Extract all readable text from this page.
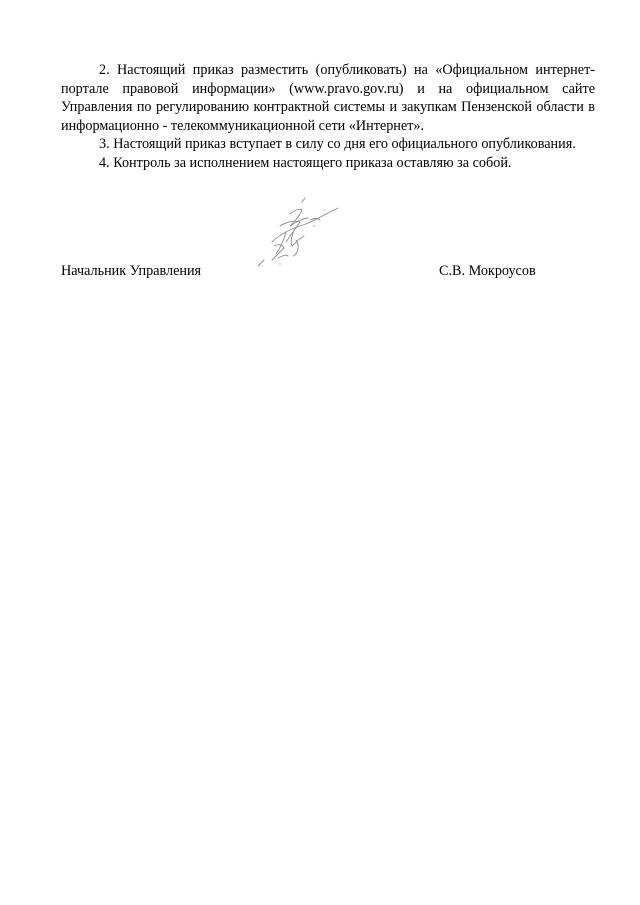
2. Настоящий приказ разместить (опубликовать) на «Официальном интернет-портале правовой информации» (www.pravo.gov.ru) и на официальном сайте Управления по регулированию контрактной системы и закупкам Пензенской области в информационно - телекоммуникационной сети «Интернет».

3. Настоящий приказ вступает в силу со дня его официального опубликования.

4. Контроль за исполнением настоящего приказа оставляю за собой.

Начальник Управления	С.В. Мокроусов
